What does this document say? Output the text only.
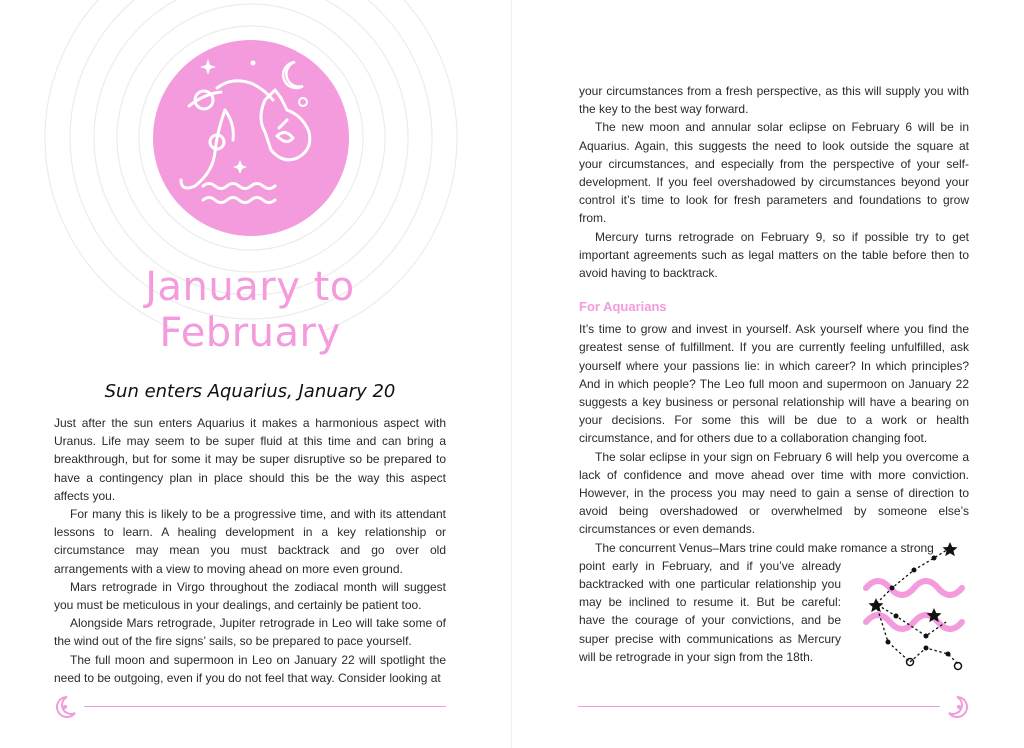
January to
February
Sun enters Aquarius, January 20

Just after the sun enters Aquarius it makes a harmonious aspect with Uranus. Life may seem to be super fluid at this time and can bring a breakthrough, but for some it may be super disruptive so be prepared to have a contingency plan in place should this be the way this aspect affects you.

For many this is likely to be a progressive time, and with its attendant lessons to learn. A healing development in a key relationship or circumstance may mean you must backtrack and go over old arrangements with a view to moving ahead on more even ground.

Mars retrograde in Virgo throughout the zodiacal month will suggest you must be meticulous in your dealings, and certainly be patient too.

Alongside Mars retrograde, Jupiter retrograde in Leo will take some of the wind out of the fire signs’ sails, so be prepared to pace yourself.

The full moon and supermoon in Leo on January 22 will spotlight the need to be outgoing, even if you do not feel that way. Consider looking at

your circumstances from a fresh perspective, as this will supply you with the key to the best way forward.

The new moon and annular solar eclipse on February 6 will be in Aquarius. Again, this suggests the need to look outside the square at your circumstances, and especially from the perspective of your self-development. If you feel overshadowed by circumstances beyond your control it’s time to look for fresh parameters and foundations to grow from.

Mercury turns retrograde on February 9, so if possible try to get important agreements such as legal matters on the table before then to avoid having to backtrack.

For Aquarians

It’s time to grow and invest in yourself. Ask yourself where you find the greatest sense of fulfillment. If you are currently feeling unfulfilled, ask yourself where your passions lie: in which career? In which principles? And in which people? The Leo full moon and supermoon on January 22 suggests a key business or personal relationship will have a bearing on your decisions. For some this will be due to a work or health circumstance, and for others due to a collaboration changing foot.

The solar eclipse in your sign on February 6 will help you overcome a lack of confidence and move ahead over time with more conviction. However, in the process you may need to gain a sense of direction to avoid being overshadowed or overwhelmed by someone else’s circumstances or even demands.

The concurrent Venus–Mars trine could make romance a strong

point early in February, and if you’ve already backtracked with one particular relationship you may be inclined to resume it. But be careful: have the courage of your convictions, and be super precise with communications as Mercury will be retrograde in your sign from the 18th.
